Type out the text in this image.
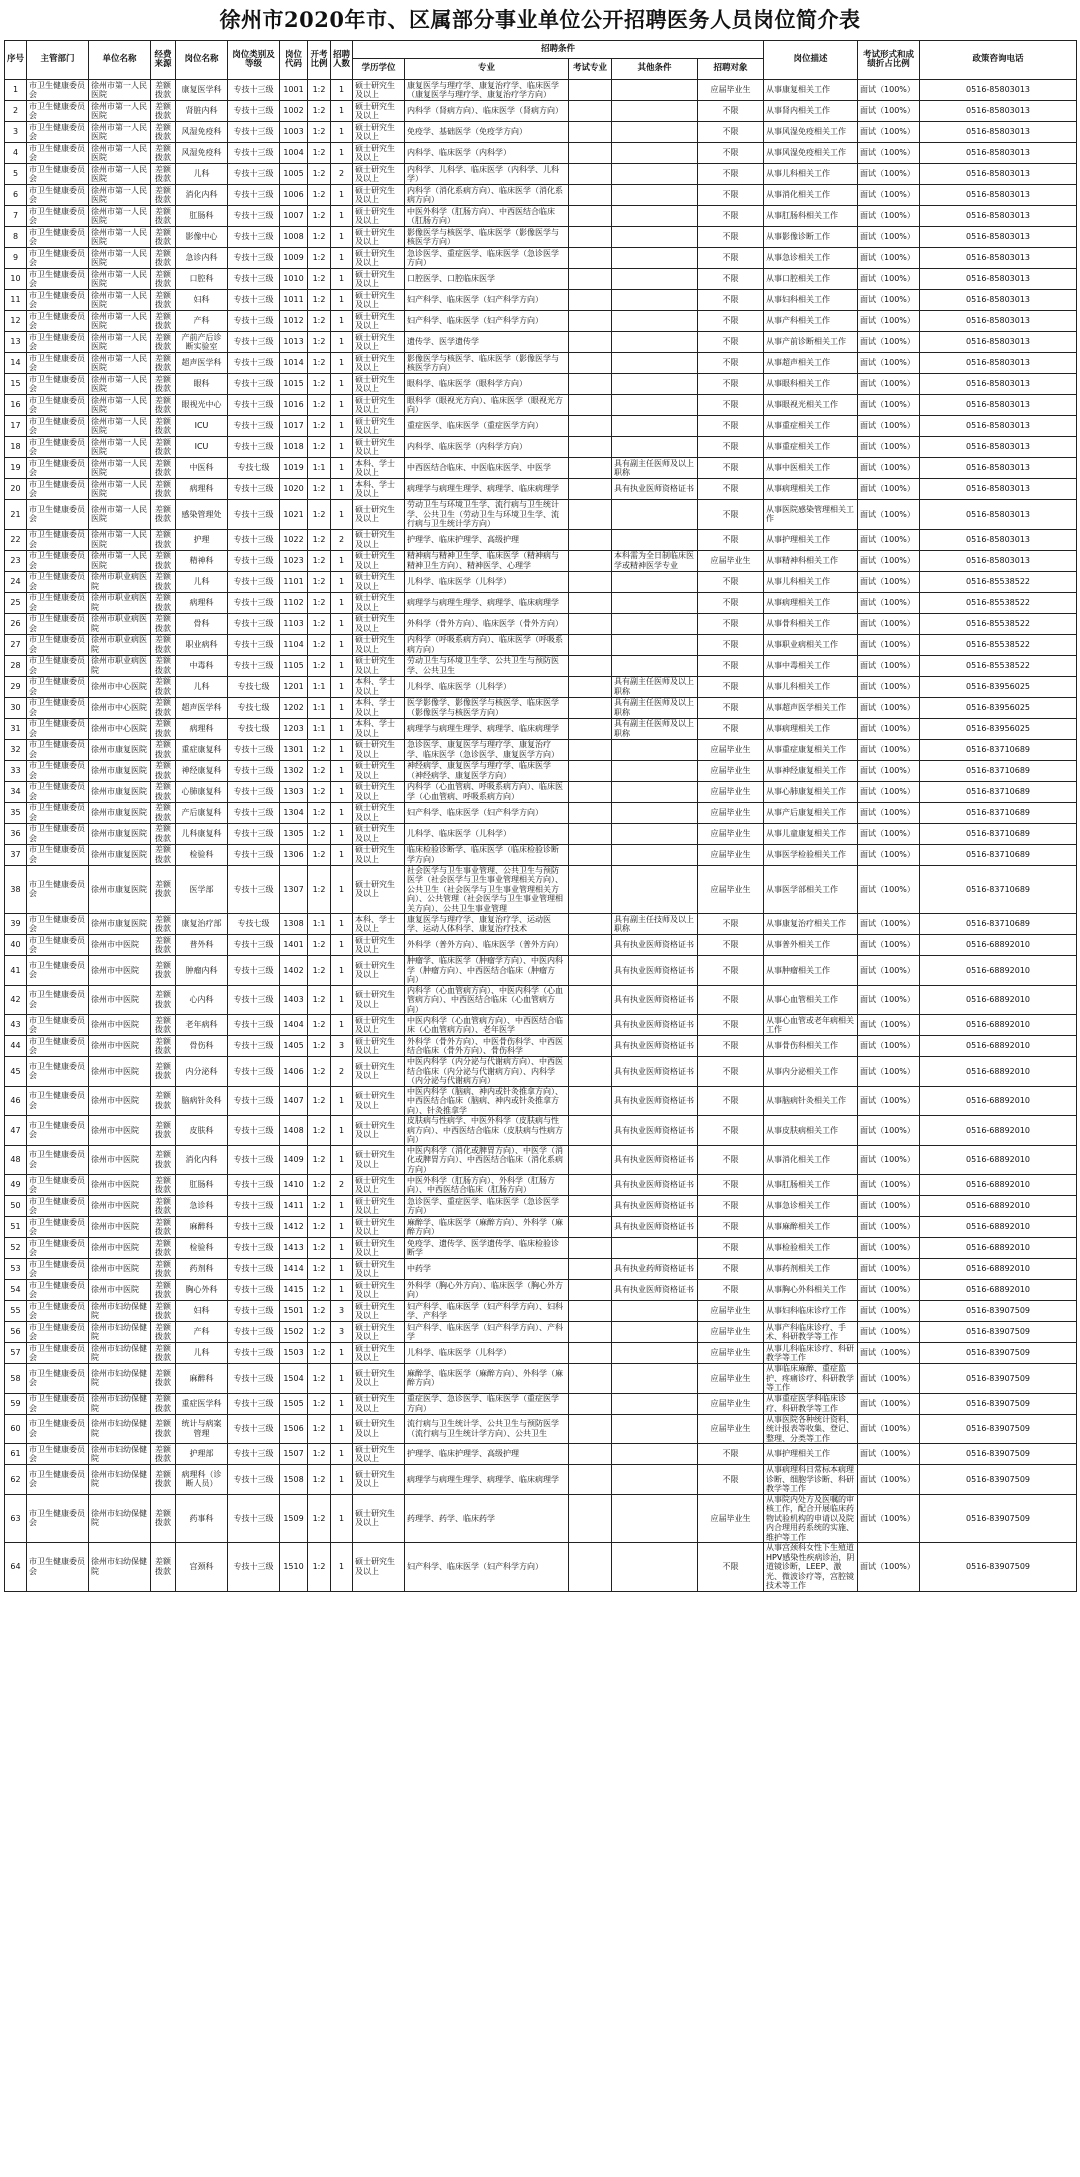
徐州市2020年市、区属部分事业单位公开招聘医务人员岗位简介表
序号	主管部门	单位名称	经费来源	岗位名称	岗位类别及等级	岗位代码	开考比例	招聘人数	招聘条件					岗位描述	考试形式和成绩折占比例	政策咨询电话
									学历学位	专业	考试专业	其他条件	招聘对象			
1	市卫生健康委员会	徐州市第一人民医院	差额拨款	康复医学科	专技十三级	1001	1:2	1	硕士研究生及以上	康复医学与理疗学、康复治疗学、临床医学（康复医学与理疗学、康复治疗学方向）			应届毕业生	从事康复相关工作	面试（100%）	0516-85803013
2	市卫生健康委员会	徐州市第一人民医院	差额拨款	肾脏内科	专技十三级	1002	1:2	1	硕士研究生及以上	内科学（肾病方向）、临床医学（肾病方向）			不限	从事肾内相关工作	面试（100%）	0516-85803013
3	市卫生健康委员会	徐州市第一人民医院	差额拨款	风湿免疫科	专技十三级	1003	1:2	1	硕士研究生及以上	免疫学、基础医学（免疫学方向）			不限	从事风湿免疫相关工作	面试（100%）	0516-85803013
4	市卫生健康委员会	徐州市第一人民医院	差额拨款	风湿免疫科	专技十三级	1004	1:2	1	硕士研究生及以上	内科学、临床医学（内科学）			不限	从事风湿免疫相关工作	面试（100%）	0516-85803013
5	市卫生健康委员会	徐州市第一人民医院	差额拨款	儿科	专技十三级	1005	1:2	2	硕士研究生及以上	内科学、儿科学、临床医学（内科学、儿科学）			不限	从事儿科相关工作	面试（100%）	0516-85803013
6	市卫生健康委员会	徐州市第一人民医院	差额拨款	消化内科	专技十三级	1006	1:2	1	硕士研究生及以上	内科学（消化系病方向）、临床医学（消化系病方向）			不限	从事消化相关工作	面试（100%）	0516-85803013
7	市卫生健康委员会	徐州市第一人民医院	差额拨款	肛肠科	专技十三级	1007	1:2	1	硕士研究生及以上	中医外科学（肛肠方向）、中西医结合临床（肛肠方向）			不限	从事肛肠科相关工作	面试（100%）	0516-85803013
8	市卫生健康委员会	徐州市第一人民医院	差额拨款	影像中心	专技十三级	1008	1:2	1	硕士研究生及以上	影像医学与核医学、临床医学（影像医学与核医学方向）			不限	从事影像诊断工作	面试（100%）	0516-85803013
9	市卫生健康委员会	徐州市第一人民医院	差额拨款	急诊内科	专技十三级	1009	1:2	1	硕士研究生及以上	急诊医学、重症医学、临床医学（急诊医学方向）			不限	从事急诊相关工作	面试（100%）	0516-85803013
10	市卫生健康委员会	徐州市第一人民医院	差额拨款	口腔科	专技十三级	1010	1:2	1	硕士研究生及以上	口腔医学、口腔临床医学			不限	从事口腔相关工作	面试（100%）	0516-85803013
11	市卫生健康委员会	徐州市第一人民医院	差额拨款	妇科	专技十三级	1011	1:2	1	硕士研究生及以上	妇产科学、临床医学（妇产科学方向）			不限	从事妇科相关工作	面试（100%）	0516-85803013
12	市卫生健康委员会	徐州市第一人民医院	差额拨款	产科	专技十三级	1012	1:2	1	硕士研究生及以上	妇产科学、临床医学（妇产科学方向）			不限	从事产科相关工作	面试（100%）	0516-85803013
13	市卫生健康委员会	徐州市第一人民医院	差额拨款	产前产后诊断实验室	专技十三级	1013	1:2	1	硕士研究生及以上	遗传学、医学遗传学			不限	从事产前诊断相关工作	面试（100%）	0516-85803013
14	市卫生健康委员会	徐州市第一人民医院	差额拨款	超声医学科	专技十三级	1014	1:2	1	硕士研究生及以上	影像医学与核医学、临床医学（影像医学与核医学方向）			不限	从事超声相关工作	面试（100%）	0516-85803013
15	市卫生健康委员会	徐州市第一人民医院	差额拨款	眼科	专技十三级	1015	1:2	1	硕士研究生及以上	眼科学、临床医学（眼科学方向）			不限	从事眼科相关工作	面试（100%）	0516-85803013
16	市卫生健康委员会	徐州市第一人民医院	差额拨款	眼视光中心	专技十三级	1016	1:2	1	硕士研究生及以上	眼科学（眼视光方向）、临床医学（眼视光方向）			不限	从事眼视光相关工作	面试（100%）	0516-85803013
17	市卫生健康委员会	徐州市第一人民医院	差额拨款	ICU	专技十三级	1017	1:2	1	硕士研究生及以上	重症医学、临床医学（重症医学方向）			不限	从事重症相关工作	面试（100%）	0516-85803013
18	市卫生健康委员会	徐州市第一人民医院	差额拨款	ICU	专技十三级	1018	1:2	1	硕士研究生及以上	内科学、临床医学（内科学方向）			不限	从事重症相关工作	面试（100%）	0516-85803013
19	市卫生健康委员会	徐州市第一人民医院	差额拨款	中医科	专技七级	1019	1:1	1	本科、学士及以上	中西医结合临床、中医临床医学、中医学		具有副主任医师及以上职称	不限	从事中医相关工作	面试（100%）	0516-85803013
20	市卫生健康委员会	徐州市第一人民医院	差额拨款	病理科	专技十三级	1020	1:2	1	本科、学士及以上	病理学与病理生理学、病理学、临床病理学		具有执业医师资格证书	不限	从事病理相关工作	面试（100%）	0516-85803013
21	市卫生健康委员会	徐州市第一人民医院	差额拨款	感染管理处	专技十三级	1021	1:2	1	硕士研究生及以上	劳动卫生与环境卫生学、流行病与卫生统计学、公共卫生（劳动卫生与环境卫生学、流行病与卫生统计学方向）			不限	从事医院感染管理相关工作	面试（100%）	0516-85803013
22	市卫生健康委员会	徐州市第一人民医院	差额拨款	护理	专技十三级	1022	1:2	2	硕士研究生及以上	护理学、临床护理学、高级护理			不限	从事护理相关工作	面试（100%）	0516-85803013
23	市卫生健康委员会	徐州市第一人民医院	差额拨款	精神科	专技十三级	1023	1:2	1	硕士研究生及以上	精神病与精神卫生学、临床医学（精神病与精神卫生方向）、精神医学、心理学		本科需为全日制临床医学或精神医学专业	应届毕业生	从事精神科相关工作	面试（100%）	0516-85803013
24	市卫生健康委员会	徐州市职业病医院	差额拨款	儿科	专技十三级	1101	1:2	1	硕士研究生及以上	儿科学、临床医学（儿科学）			不限	从事儿科相关工作	面试（100%）	0516-85538522
25	市卫生健康委员会	徐州市职业病医院	差额拨款	病理科	专技十三级	1102	1:2	1	硕士研究生及以上	病理学与病理生理学、病理学、临床病理学			不限	从事病理相关工作	面试（100%）	0516-85538522
26	市卫生健康委员会	徐州市职业病医院	差额拨款	骨科	专技十三级	1103	1:2	1	硕士研究生及以上	外科学（骨外方向）、临床医学（骨外方向）			不限	从事骨科相关工作	面试（100%）	0516-85538522
27	市卫生健康委员会	徐州市职业病医院	差额拨款	职业病科	专技十三级	1104	1:2	1	硕士研究生及以上	内科学（呼吸系病方向）、临床医学（呼吸系病方向）			不限	从事职业病相关工作	面试（100%）	0516-85538522
28	市卫生健康委员会	徐州市职业病医院	差额拨款	中毒科	专技十三级	1105	1:2	1	硕士研究生及以上	劳动卫生与环境卫生学、公共卫生与预防医学、公共卫生			不限	从事中毒相关工作	面试（100%）	0516-85538522
29	市卫生健康委员会	徐州市中心医院	差额拨款	儿科	专技七级	1201	1:1	1	本科、学士及以上	儿科学、临床医学（儿科学）		具有副主任医师及以上职称	不限	从事儿科相关工作	面试（100%）	0516-83956025
30	市卫生健康委员会	徐州市中心医院	差额拨款	超声医学科	专技七级	1202	1:1	1	本科、学士及以上	医学影像学、影像医学与核医学、临床医学（影像医学与核医学方向）		具有副主任医师及以上职称	不限	从事超声医学相关工作	面试（100%）	0516-83956025
31	市卫生健康委员会	徐州市中心医院	差额拨款	病理科	专技七级	1203	1:1	1	本科、学士及以上	病理学与病理生理学、病理学、临床病理学		具有副主任医师及以上职称	不限	从事病理相关工作	面试（100%）	0516-83956025
32	市卫生健康委员会	徐州市康复医院	差额拨款	重症康复科	专技十三级	1301	1:2	1	硕士研究生及以上	急诊医学、康复医学与理疗学、康复治疗学、临床医学（急诊医学、康复医学方向）			应届毕业生	从事重症康复相关工作	面试（100%）	0516-83710689
33	市卫生健康委员会	徐州市康复医院	差额拨款	神经康复科	专技十三级	1302	1:2	1	硕士研究生及以上	神经病学、康复医学与理疗学、临床医学（神经病学、康复医学方向）			应届毕业生	从事神经康复相关工作	面试（100%）	0516-83710689
34	市卫生健康委员会	徐州市康复医院	差额拨款	心肺康复科	专技十三级	1303	1:2	1	硕士研究生及以上	内科学（心血管病、呼吸系病方向）、临床医学（心血管病、呼吸系病方向）			应届毕业生	从事心肺康复相关工作	面试（100%）	0516-83710689
35	市卫生健康委员会	徐州市康复医院	差额拨款	产后康复科	专技十三级	1304	1:2	1	硕士研究生及以上	妇产科学、临床医学（妇产科学方向）			应届毕业生	从事产后康复相关工作	面试（100%）	0516-83710689
36	市卫生健康委员会	徐州市康复医院	差额拨款	儿科康复科	专技十三级	1305	1:2	1	硕士研究生及以上	儿科学、临床医学（儿科学）			应届毕业生	从事儿童康复相关工作	面试（100%）	0516-83710689
37	市卫生健康委员会	徐州市康复医院	差额拨款	检验科	专技十三级	1306	1:2	1	硕士研究生及以上	临床检验诊断学、临床医学（临床检验诊断学方向）			应届毕业生	从事医学检验相关工作	面试（100%）	0516-83710689
38	市卫生健康委员会	徐州市康复医院	差额拨款	医学部	专技十三级	1307	1:2	1	硕士研究生及以上	社会医学与卫生事业管理、公共卫生与预防医学（社会医学与卫生事业管理相关方向）、公共卫生（社会医学与卫生事业管理相关方向）、公共管理（社会医学与卫生事业管理相关方向）、公共卫生事业管理			应届毕业生	从事医学部相关工作	面试（100%）	0516-83710689
39	市卫生健康委员会	徐州市康复医院	差额拨款	康复治疗部	专技七级	1308	1:1	1	本科、学士及以上	康复医学与理疗学、康复治疗学、运动医学、运动人体科学、康复治疗技术		具有副主任技师及以上职称	不限	从事康复治疗相关工作	面试（100%）	0516-83710689
40	市卫生健康委员会	徐州市中医院	差额拨款	普外科	专技十三级	1401	1:2	1	硕士研究生及以上	外科学（普外方向）、临床医学（普外方向）		具有执业医师资格证书	不限	从事普外相关工作	面试（100%）	0516-68892010
41	市卫生健康委员会	徐州市中医院	差额拨款	肿瘤内科	专技十三级	1402	1:2	1	硕士研究生及以上	肿瘤学、临床医学（肿瘤学方向）、中医内科学（肿瘤方向）、中西医结合临床（肿瘤方向）		具有执业医师资格证书	不限	从事肿瘤相关工作	面试（100%）	0516-68892010
42	市卫生健康委员会	徐州市中医院	差额拨款	心内科	专技十三级	1403	1:2	1	硕士研究生及以上	内科学（心血管病方向）、中医内科学（心血管病方向）、中西医结合临床（心血管病方向）		具有执业医师资格证书	不限	从事心血管相关工作	面试（100%）	0516-68892010
43	市卫生健康委员会	徐州市中医院	差额拨款	老年病科	专技十三级	1404	1:2	1	硕士研究生及以上	中医内科学（心血管病方向）、中西医结合临床（心血管病方向）、老年医学		具有执业医师资格证书	不限	从事心血管或老年病相关工作	面试（100%）	0516-68892010
44	市卫生健康委员会	徐州市中医院	差额拨款	骨伤科	专技十三级	1405	1:2	3	硕士研究生及以上	外科学（骨外方向）、中医骨伤科学、中西医结合临床（骨外方向）、骨伤科学		具有执业医师资格证书	不限	从事骨伤科相关工作	面试（100%）	0516-68892010
45	市卫生健康委员会	徐州市中医院	差额拨款	内分泌科	专技十三级	1406	1:2	2	硕士研究生及以上	中医内科学（内分泌与代谢病方向）、中西医结合临床（内分泌与代谢病方向）、内科学（内分泌与代谢病方向）		具有执业医师资格证书	不限	从事内分泌相关工作	面试（100%）	0516-68892010
46	市卫生健康委员会	徐州市中医院	差额拨款	脑病针灸科	专技十三级	1407	1:2	1	硕士研究生及以上	中医内科学（脑病、神内或针灸推拿方向）、中西医结合临床（脑病、神内或针灸推拿方向）、针灸推拿学		具有执业医师资格证书	不限	从事脑病针灸相关工作	面试（100%）	0516-68892010
47	市卫生健康委员会	徐州市中医院	差额拨款	皮肤科	专技十三级	1408	1:2	1	硕士研究生及以上	皮肤病与性病学、中医外科学（皮肤病与性病方向）、中西医结合临床（皮肤病与性病方向）		具有执业医师资格证书	不限	从事皮肤病相关工作	面试（100%）	0516-68892010
48	市卫生健康委员会	徐州市中医院	差额拨款	消化内科	专技十三级	1409	1:2	1	硕士研究生及以上	中医内科学（消化或脾胃方向）、中医学（消化或脾胃方向）、中西医结合临床（消化系病方向）		具有执业医师资格证书	不限	从事消化相关工作	面试（100%）	0516-68892010
49	市卫生健康委员会	徐州市中医院	差额拨款	肛肠科	专技十三级	1410	1:2	2	硕士研究生及以上	中医外科学（肛肠方向）、外科学（肛肠方向）、中西医结合临床（肛肠方向）		具有执业医师资格证书	不限	从事肛肠相关工作	面试（100%）	0516-68892010
50	市卫生健康委员会	徐州市中医院	差额拨款	急诊科	专技十三级	1411	1:2	1	硕士研究生及以上	急诊医学、重症医学、临床医学（急诊医学方向）		具有执业医师资格证书	不限	从事急诊相关工作	面试（100%）	0516-68892010
51	市卫生健康委员会	徐州市中医院	差额拨款	麻醉科	专技十三级	1412	1:2	1	硕士研究生及以上	麻醉学、临床医学（麻醉方向）、外科学（麻醉方向）		具有执业医师资格证书	不限	从事麻醉相关工作	面试（100%）	0516-68892010
52	市卫生健康委员会	徐州市中医院	差额拨款	检验科	专技十三级	1413	1:2	1	硕士研究生及以上	免疫学、遗传学、医学遗传学、临床检验诊断学			不限	从事检验相关工作	面试（100%）	0516-68892010
53	市卫生健康委员会	徐州市中医院	差额拨款	药剂科	专技十三级	1414	1:2	1	硕士研究生及以上	中药学		具有执业药师资格证书	不限	从事药剂相关工作	面试（100%）	0516-68892010
54	市卫生健康委员会	徐州市中医院	差额拨款	胸心外科	专技十三级	1415	1:2	1	硕士研究生及以上	外科学（胸心外方向）、临床医学（胸心外方向）		具有执业医师资格证书	不限	从事胸心外科相关工作	面试（100%）	0516-68892010
55	市卫生健康委员会	徐州市妇幼保健院	差额拨款	妇科	专技十三级	1501	1:2	3	硕士研究生及以上	妇产科学、临床医学（妇产科学方向）、妇科学、产科学			应届毕业生	从事妇科临床诊疗工作	面试（100%）	0516-83907509
56	市卫生健康委员会	徐州市妇幼保健院	差额拨款	产科	专技十三级	1502	1:2	3	硕士研究生及以上	妇产科学、临床医学（妇产科学方向）、产科学			应届毕业生	从事产科临床诊疗、手术、科研教学等工作	面试（100%）	0516-83907509
57	市卫生健康委员会	徐州市妇幼保健院	差额拨款	儿科	专技十三级	1503	1:2	1	硕士研究生及以上	儿科学、临床医学（儿科学）			应届毕业生	从事儿科临床诊疗、科研教学等工作	面试（100%）	0516-83907509
58	市卫生健康委员会	徐州市妇幼保健院	差额拨款	麻醉科	专技十三级	1504	1:2	1	硕士研究生及以上	麻醉学、临床医学（麻醉方向）、外科学（麻醉方向）			应届毕业生	从事临床麻醉、重症监护、疼痛诊疗、科研教学等工作	面试（100%）	0516-83907509
59	市卫生健康委员会	徐州市妇幼保健院	差额拨款	重症医学科	专技十三级	1505	1:2	1	硕士研究生及以上	重症医学、急诊医学、临床医学（重症医学方向）			应届毕业生	从事重症医学科临床诊疗、科研教学等工作	面试（100%）	0516-83907509
60	市卫生健康委员会	徐州市妇幼保健院	差额拨款	统计与病案管理	专技十三级	1506	1:2	1	硕士研究生及以上	流行病与卫生统计学、公共卫生与预防医学（流行病与卫生统计学方向）、公共卫生			应届毕业生	从事医院各种统计资料、统计报表等收集、登记、整理、分类等工作	面试（100%）	0516-83907509
61	市卫生健康委员会	徐州市妇幼保健院	差额拨款	护理部	专技十三级	1507	1:2	1	硕士研究生及以上	护理学、临床护理学、高级护理			不限	从事护理相关工作	面试（100%）	0516-83907509
62	市卫生健康委员会	徐州市妇幼保健院	差额拨款	病理科（诊断人员）	专技十三级	1508	1:2	1	硕士研究生及以上	病理学与病理生理学、病理学、临床病理学			不限	从事病理科日常标本病理诊断、细胞学诊断、科研教学等工作	面试（100%）	0516-83907509
63	市卫生健康委员会	徐州市妇幼保健院	差额拨款	药事科	专技十三级	1509	1:2	1	硕士研究生及以上	药理学、药学、临床药学			应届毕业生	从事院内处方及医嘱的审核工作，配合开展临床药物试验机构的申请以及院内合理用药系统的实施、维护等工作	面试（100%）	0516-83907509
64	市卫生健康委员会	徐州市妇幼保健院	差额拨款	宫颈科	专技十三级	1510	1:2	1	硕士研究生及以上	妇产科学、临床医学（妇产科学方向）			不限	从事宫颈科女性下生殖道HPV感染性疾病诊治，阴道镜诊断，LEEP、激光、微波诊疗等，宫腔镜技术等工作	面试（100%）	0516-83907509
